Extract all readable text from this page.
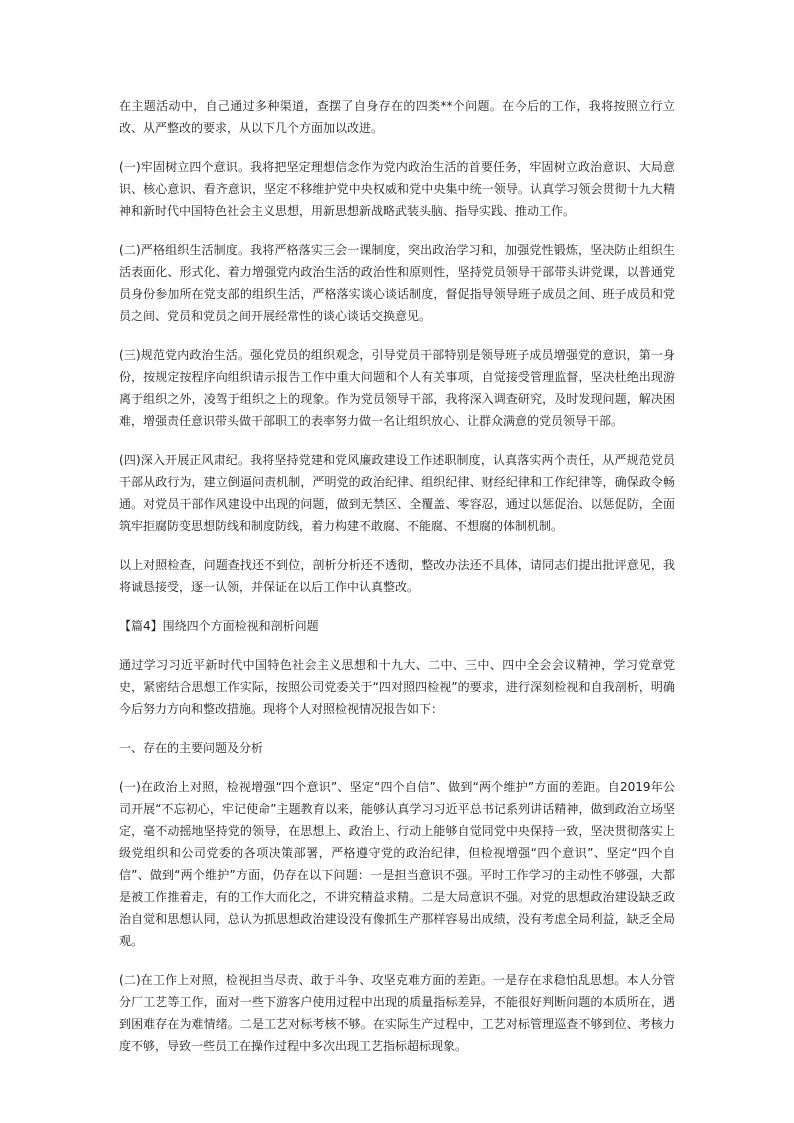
在主题活动中，自己通过多种渠道，查摆了自身存在的四类**个问题。在今后的工作，我将按照立行立改、从严整改的要求，从以下几个方面加以改进。

(一)牢固树立四个意识。我将把坚定理想信念作为党内政治生活的首要任务，牢固树立政治意识、大局意识、核心意识、看齐意识，坚定不移维护党中央权威和党中央集中统一领导。认真学习领会贯彻十九大精神和新时代中国特色社会主义思想，用新思想新战略武装头脑、指导实践、推动工作。

(二)严格组织生活制度。我将严格落实三会一课制度，突出政治学习和，加强党性锻炼，坚决防止组织生活表面化、形式化、着力增强党内政治生活的政治性和原则性，坚持党员领导干部带头讲党课，以普通党员身份参加所在党支部的组织生活，严格落实谈心谈话制度，督促指导领导班子成员之间、班子成员和党员之间、党员和党员之间开展经常性的谈心谈话交换意见。

(三)规范党内政治生活。强化党员的组织观念，引导党员干部特别是领导班子成员增强党的意识，第一身份，按规定按程序向组织请示报告工作中重大问题和个人有关事项，自觉接受管理监督，坚决杜绝出现游离于组织之外，凌驾于组织之上的现象。作为党员领导干部，我将深入调查研究，及时发现问题，解决困难，增强责任意识带头做干部职工的表率努力做一名让组织放心、让群众满意的党员领导干部。

(四)深入开展正风肃纪。我将坚持党建和党风廉政建设工作述职制度，认真落实两个责任，从严规范党员干部从政行为，建立倒逼问责机制，严明党的政治纪律、组织纪律、财经纪律和工作纪律等，确保政令畅通。对党员干部作风建设中出现的问题，做到无禁区、全覆盖、零容忍，通过以惩促治、以惩促防，全面筑牢拒腐防变思想防线和制度防线，着力构建不敢腐、不能腐、不想腐的体制机制。

以上对照检查，问题查找还不到位，剖析分析还不透彻，整改办法还不具体，请同志们提出批评意见，我将诚恳接受，逐一认领，并保证在以后工作中认真整改。

【篇4】围绕四个方面检视和剖析问题

通过学习习近平新时代中国特色社会主义思想和十九大、二中、三中、四中全会会议精神，学习党章党史，紧密结合思想工作实际，按照公司党委关于“四对照四检视”的要求，进行深刻检视和自我剖析，明确今后努力方向和整改措施。现将个人对照检视情况报告如下：

一、存在的主要问题及分析

(一)在政治上对照，检视增强“四个意识”、坚定“四个自信”、做到“两个维护”方面的差距。自2019年公司开展“不忘初心，牢记使命”主题教育以来，能够认真学习习近平总书记系列讲话精神，做到政治立场坚定，毫不动摇地坚持党的领导，在思想上、政治上、行动上能够自觉同党中央保持一致，坚决贯彻落实上级党组织和公司党委的各项决策部署，严格遵守党的政治纪律，但检视增强“四个意识”、坚定“四个自信”、做到“两个维护”方面，仍存在以下问题：一是担当意识不强。平时工作学习的主动性不够强，大都是被工作推着走，有的工作大而化之，不讲究精益求精。二是大局意识不强。对党的思想政治建设缺乏政治自觉和思想认同，总认为抓思想政治建设没有像抓生产那样容易出成绩，没有考虑全局利益，缺乏全局观。

(二)在工作上对照，检视担当尽责、敢于斗争、攻坚克难方面的差距。一是存在求稳怕乱思想。本人分管分厂工艺等工作，面对一些下游客户使用过程中出现的质量指标差异，不能很好判断问题的本质所在，遇到困难存在为难情绪。二是工艺对标考核不够。在实际生产过程中，工艺对标管理巡查不够到位、考核力度不够，导致一些员工在操作过程中多次出现工艺指标超标现象。
